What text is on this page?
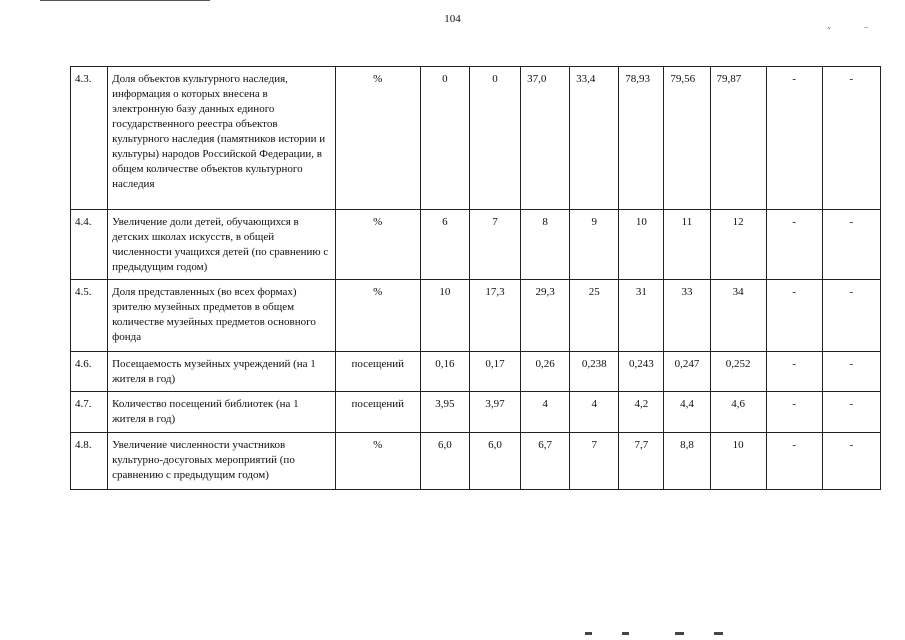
104
ᵛ	⁻
4.3.	Доля объектов культурного наследия, информация о которых внесена в электронную базу данных единого государственного реестра объектов культурного наследия (памятников истории и культуры) народов Российской Федерации, в общем количестве объектов культурного наследия	%	0	0	37,0	33,4	78,93	79,56	79,87	-	-
4.4.	Увеличение доли детей, обучающихся в детских школах искусств, в общей численности учащихся детей (по сравнению с предыдущим годом)	%	6	7	8	9	10	11	12	-	-
4.5.	Доля представленных (во всех формах) зрителю музейных предметов в общем количестве музейных предметов основного фонда	%	10	17,3	29,3	25	31	33	34	-	-
4.6.	Посещаемость музейных учреждений (на 1 жителя в год)	посещений	0,16	0,17	0,26	0,238	0,243	0,247	0,252	-	-
4.7.	Количество посещений библиотек (на 1 жителя в год)	посещений	3,95	3,97	4	4	4,2	4,4	4,6	-	-
4.8.	Увеличение численности участников культурно-досуговых мероприятий (по сравнению с предыдущим годом)	%	6,0	6,0	6,7	7	7,7	8,8	10	-	-
